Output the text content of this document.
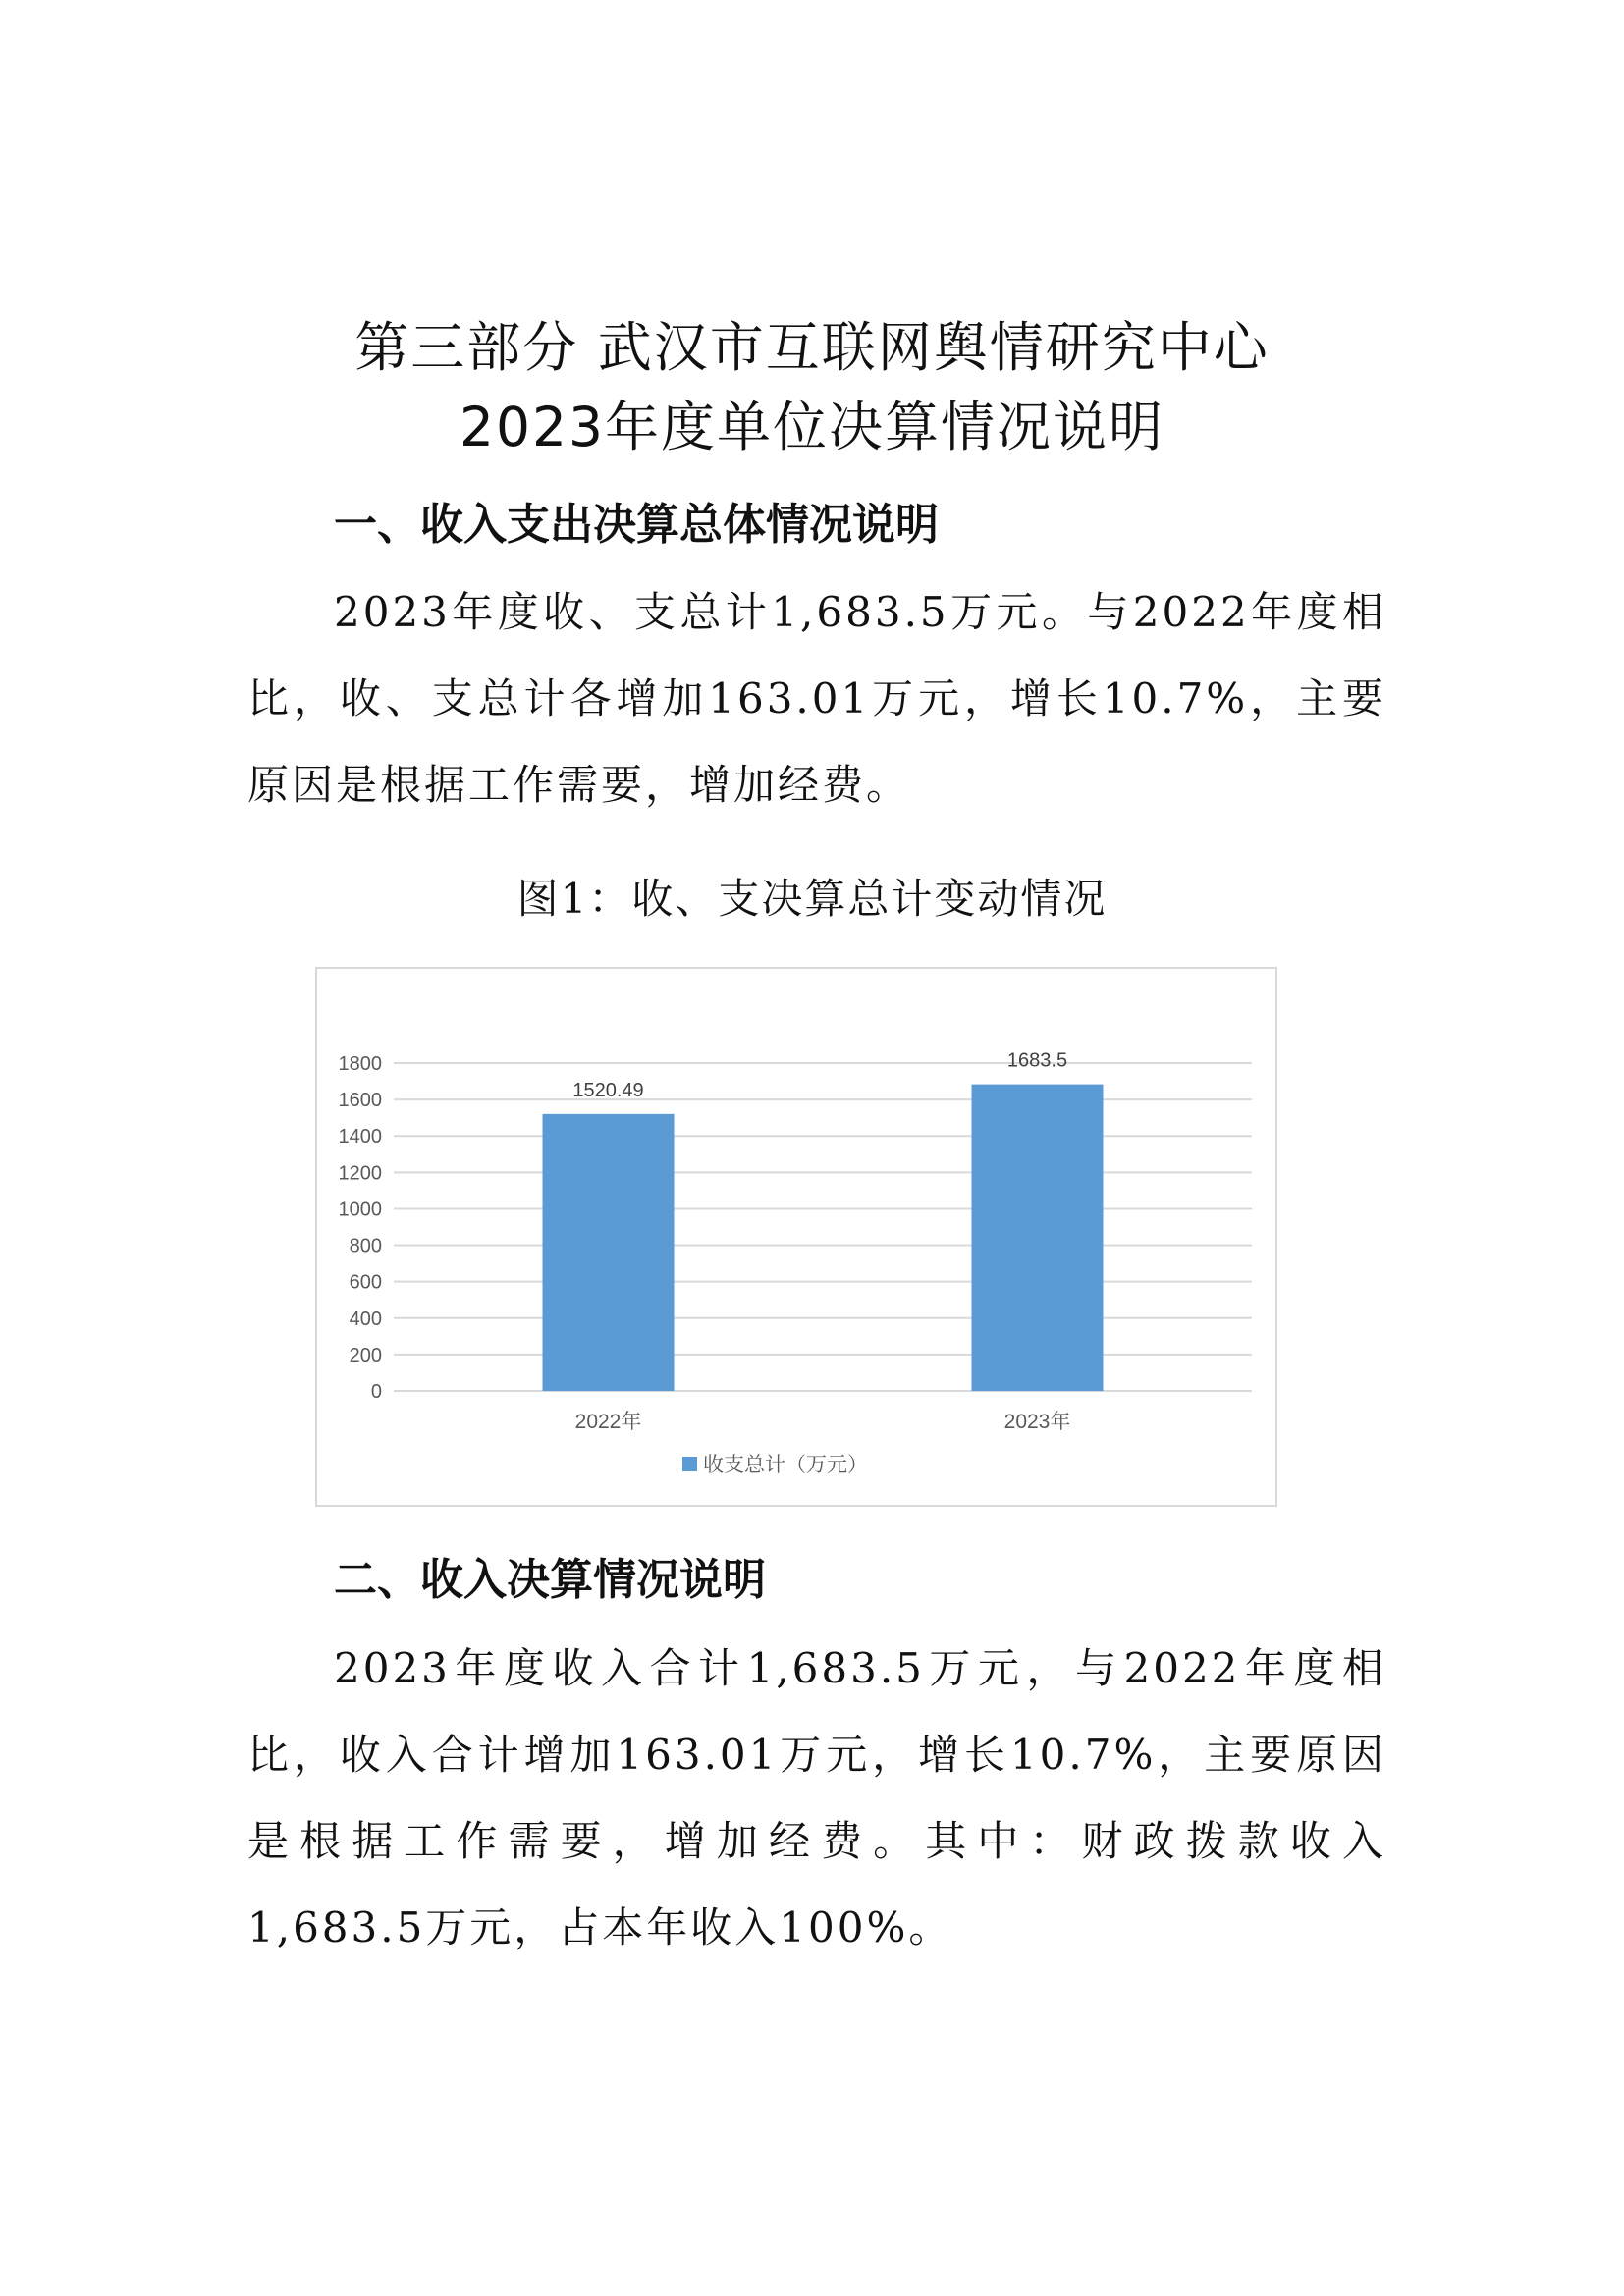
第三部分 武汉市互联网舆情研究中心
2023年度单位决算情况说明
一、收入支出决算总体情况说明

2023年度收、支总计1,683.5万元。与2022年度相比，收、支总计各增加163.01万元，增长10.7%，主要原因是根据工作需要，增加经费。

图1：收、支决算总计变动情况

0
200
400
600
800
1000
1200
1400
1600
1800
1520.49
2022年
1683.5
2023年
收支总计（万元）
二、收入决算情况说明

2023年度收入合计1,683.5万元，与2022年度相比，收入合计增加163.01万元，增长10.7%，主要原因是根据工作需要，增加经费。其中：财政拨款收入1,683.5万元，占本年收入100%。
